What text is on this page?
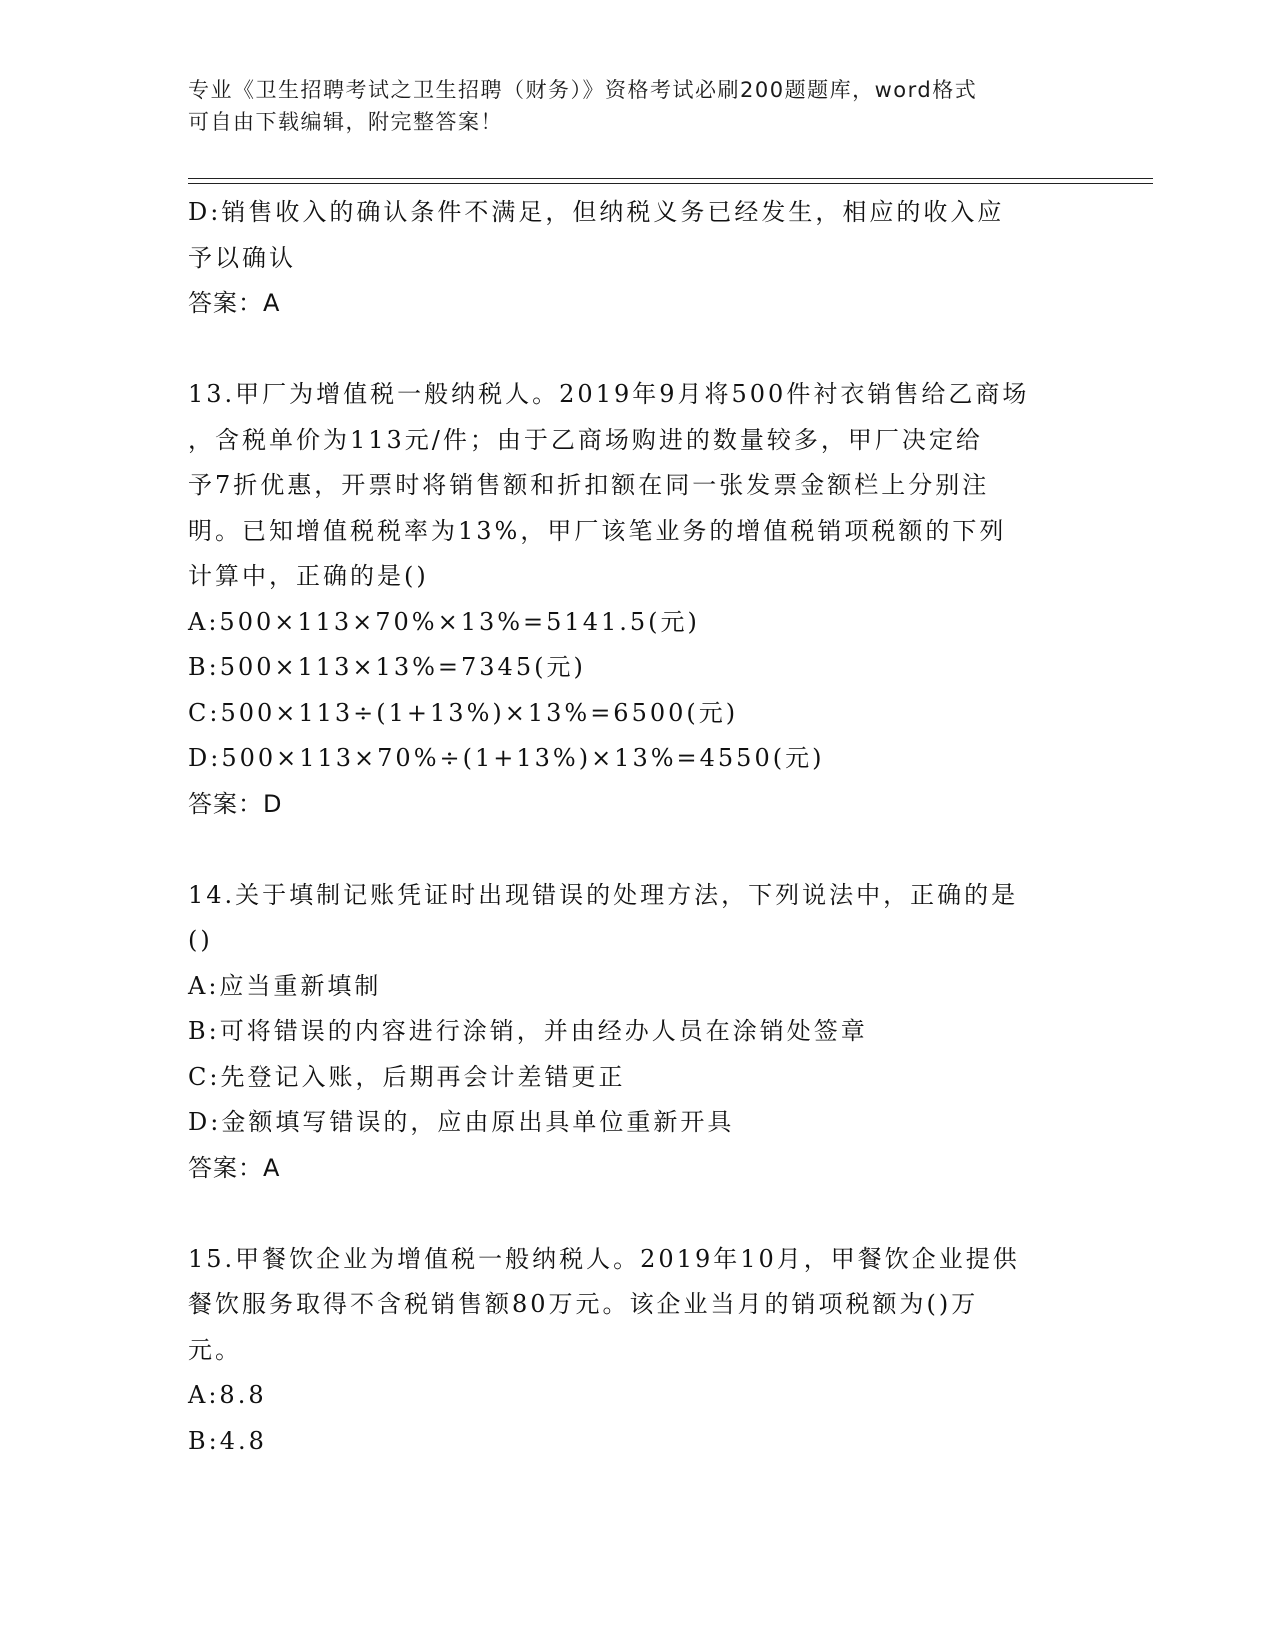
专业《卫生招聘考试之卫生招聘（财务）》资格考试必刷200题题库，word格式
可自由下载编辑，附完整答案！
D:销售收入的确认条件不满足，但纳税义务已经发生，相应的收入应
予以确认
答案：A
13.甲厂为增值税一般纳税人。2019年9月将500件衬衣销售给乙商场
，含税单价为113元/件；由于乙商场购进的数量较多，甲厂决定给
予7折优惠，开票时将销售额和折扣额在同一张发票金额栏上分别注
明。已知增值税税率为13%，甲厂该笔业务的增值税销项税额的下列
计算中，正确的是()
A:500×113×70%×13%=5141.5(元)
B:500×113×13%=7345(元)
C:500×113÷(1+13%)×13%=6500(元)
D:500×113×70%÷(1+13%)×13%=4550(元)
答案：D
14.关于填制记账凭证时出现错误的处理方法，下列说法中，正确的是
()
A:应当重新填制
B:可将错误的内容进行涂销，并由经办人员在涂销处签章
C:先登记入账，后期再会计差错更正
D:金额填写错误的，应由原出具单位重新开具
答案：A
15.甲餐饮企业为增值税一般纳税人。2019年10月，甲餐饮企业提供
餐饮服务取得不含税销售额80万元。该企业当月的销项税额为()万
元。
A:8.8
B:4.8
